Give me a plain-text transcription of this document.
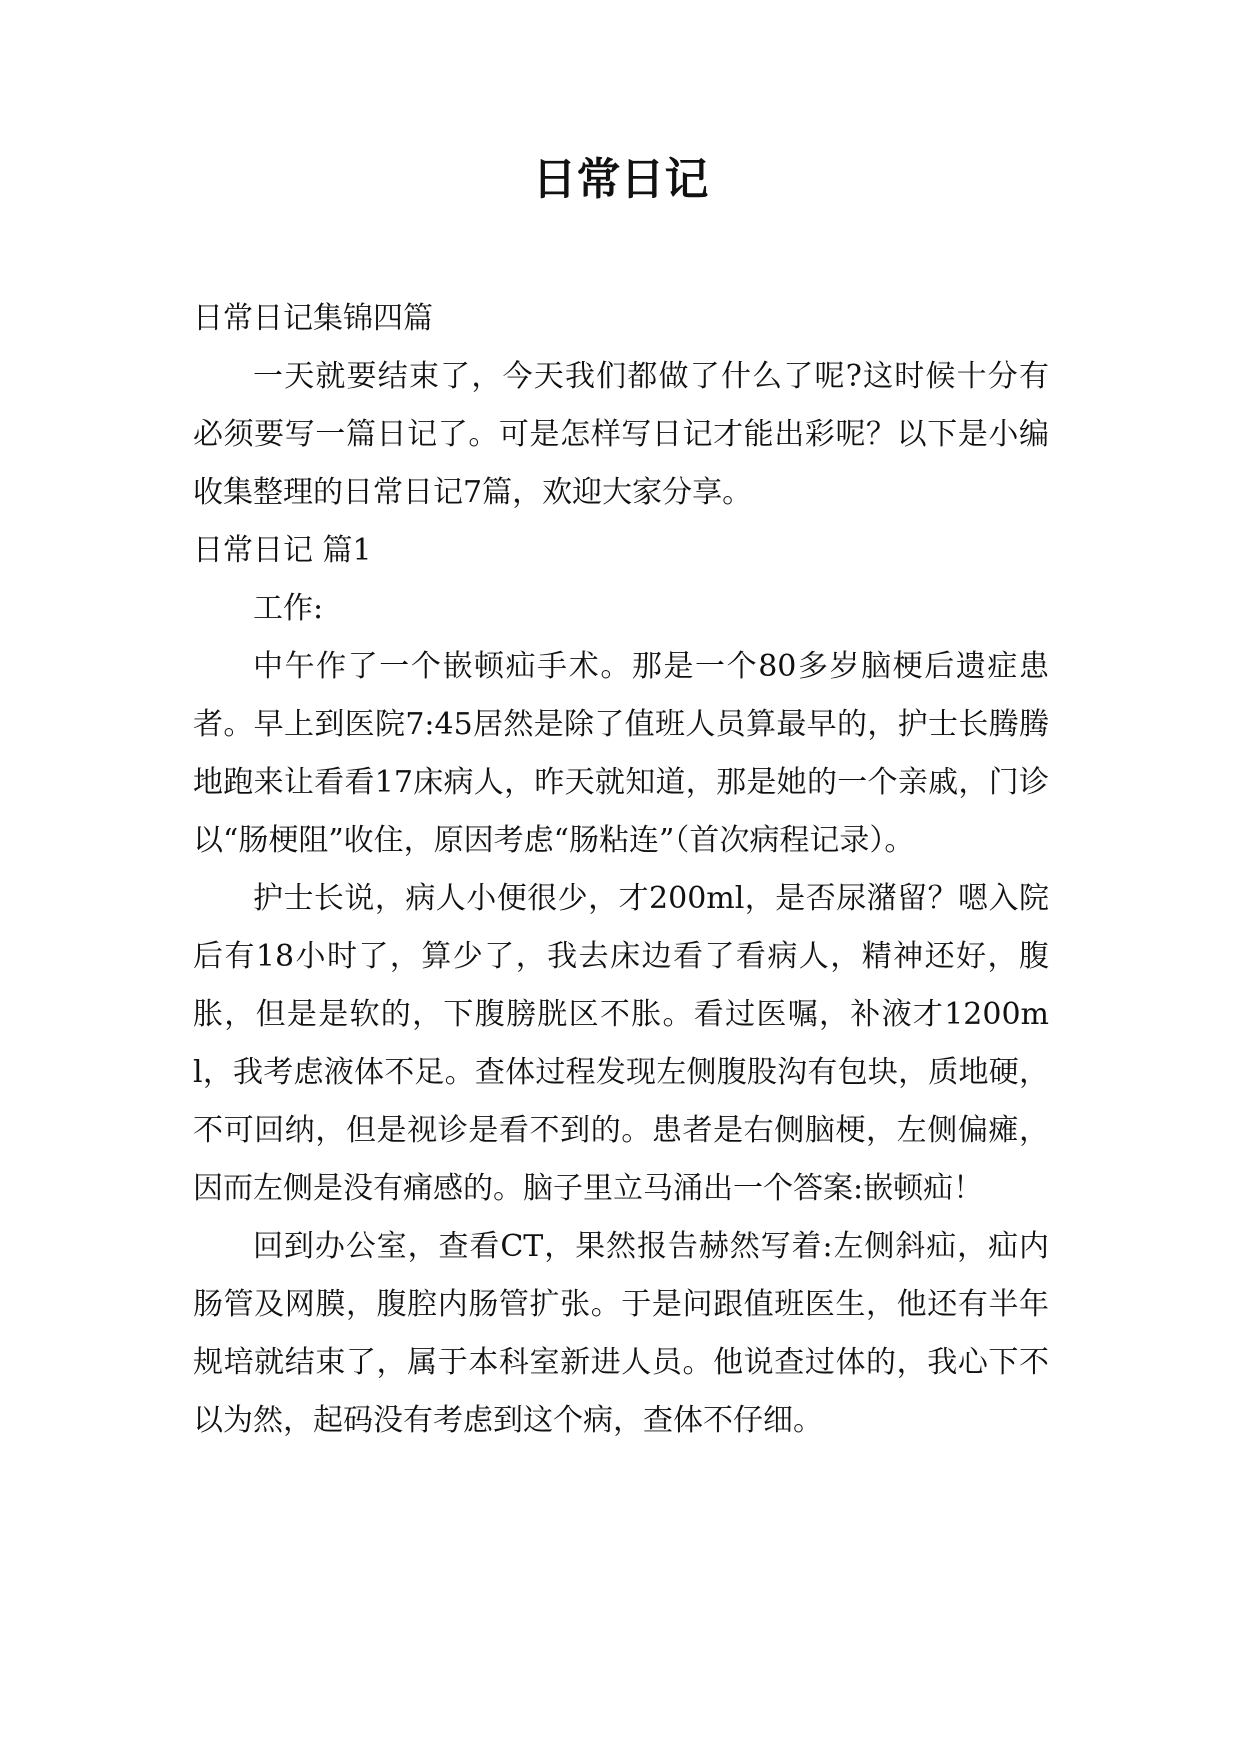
日常日记

日常日记集锦四篇

一天就要结束了，今天我们都做了什么了呢?这时候十分有必须要写一篇日记了。可是怎样写日记才能出彩呢？以下是小编收集整理的日常日记7篇，欢迎大家分享。

日常日记 篇1

工作:

中午作了一个嵌顿疝手术。那是一个80多岁脑梗后遗症患者。早上到医院7:45居然是除了值班人员算最早的，护士长腾腾地跑来让看看17床病人，昨天就知道，那是她的一个亲戚，门诊以“肠梗阻”收住，原因考虑“肠粘连”（首次病程记录）。

护士长说，病人小便很少，才200ml，是否尿潴留？嗯入院后有18小时了，算少了，我去床边看了看病人，精神还好，腹胀，但是是软的，下腹膀胱区不胀。看过医嘱，补液才1200ml，我考虑液体不足。查体过程发现左侧腹股沟有包块，质地硬，不可回纳，但是视诊是看不到的。患者是右侧脑梗，左侧偏瘫，因而左侧是没有痛感的。脑子里立马涌出一个答案:嵌顿疝！

回到办公室，查看CT，果然报告赫然写着:左侧斜疝，疝内肠管及网膜，腹腔内肠管扩张。于是问跟值班医生，他还有半年规培就结束了，属于本科室新进人员。他说查过体的，我心下不以为然，起码没有考虑到这个病，查体不仔细。
